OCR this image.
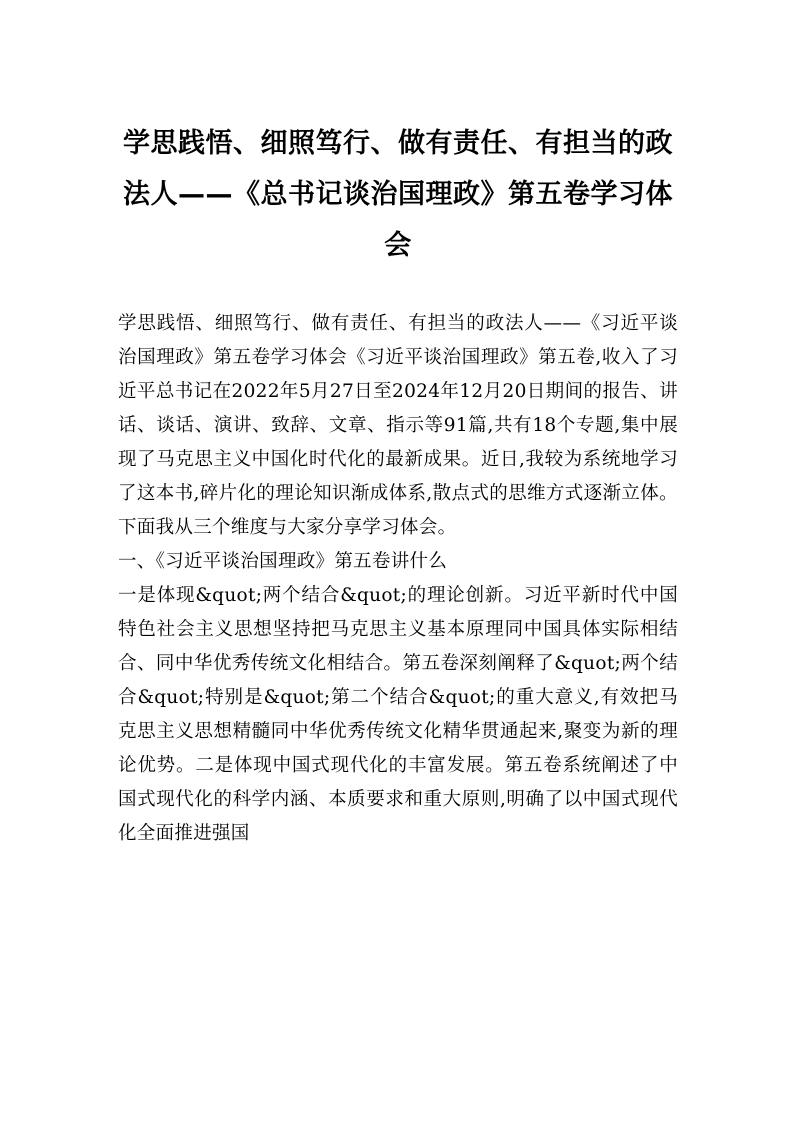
学思践悟、细照笃行、做有责任、有担当的政法人——《总书记谈治国理政》第五卷学习体会

学思践悟、细照笃行、做有责任、有担当的政法人——《习近平谈治国理政》第五卷学习体会《习近平谈治国理政》第五卷,收入了习近平总书记在2022年5月27日至2024年12月20日期间的报告、讲话、谈话、演讲、致辞、文章、指示等91篇,共有18个专题,集中展现了马克思主义中国化时代化的最新成果。近日,我较为系统地学习了这本书,碎片化的理论知识渐成体系,散点式的思维方式逐渐立体。下面我从三个维度与大家分享学习体会。

一、《习近平谈治国理政》第五卷讲什么

一是体现&quot;两个结合&quot;的理论创新。习近平新时代中国特色社会主义思想坚持把马克思主义基本原理同中国具体实际相结合、同中华优秀传统文化相结合。第五卷深刻阐释了&quot;两个结合&quot;特别是&quot;第二个结合&quot;的重大意义,有效把马克思主义思想精髓同中华优秀传统文化精华贯通起来,聚变为新的理论优势。二是体现中国式现代化的丰富发展。第五卷系统阐述了中国式现代化的科学内涵、本质要求和重大原则,明确了以中国式现代化全面推进强国
